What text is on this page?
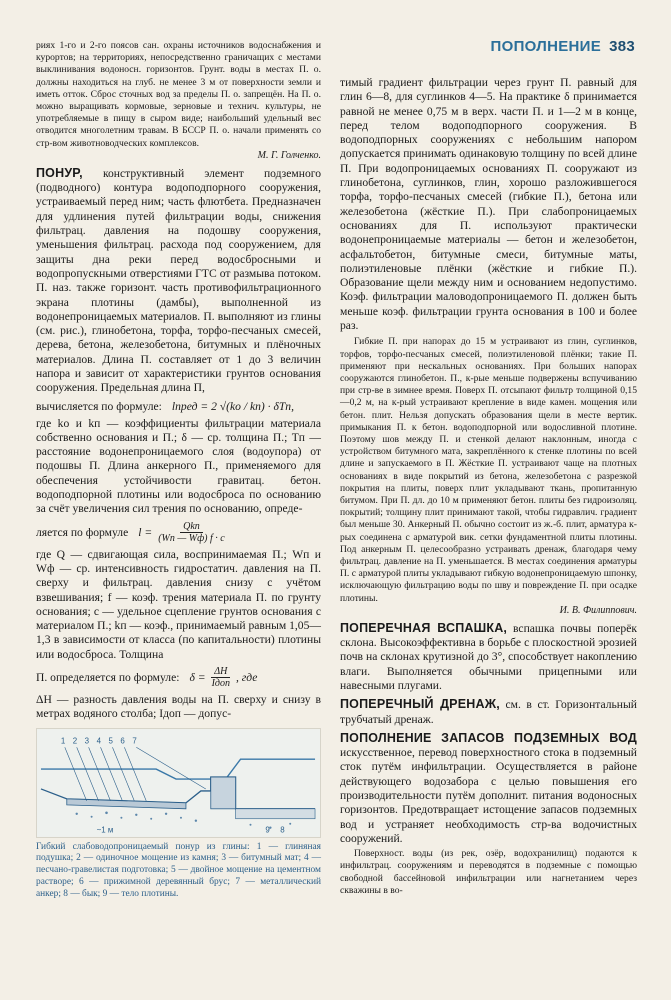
ПОПОЛНЕНИЕ 383

риях 1-го и 2-го поясов сан. охраны источников водоснабжения и курортов; на территориях, непосредственно граничащих с местами выклинивания водоносн. горизонтов. Грунт. воды в местах П. о. должны находиться на глуб. не менее 3 м от поверхности земли и иметь отток. Сброс сточных вод за пределы П. о. запрещён. На П. о. можно выращивать кормовые, зерновые и технич. культуры, не употребляемые в пищу в сыром виде; наибольший удельный вес отводится многолетним травам. В БССР П. о. начали применять со стр-вом животноводческих комплексов.

М. Г. Голченко.

ПОНУР, конструктивный элемент подземного (подводного) контура водоподпорного сооружения, устраиваемый перед ним; часть флютбета. Предназначен для удлинения путей фильтрации воды, снижения фильтрац. давления на подошву сооружения, уменьшения фильтрац. расхода под сооружением, для защиты дна реки перед водосбросными и водопропускными отверстиями ГТС от размыва потоком. П. наз. также горизонт. часть противофильтрационного экрана плотины (дамбы), выполненной из водонепроницаемых материалов. П. выполняют из глины (см. рис.), глинобетона, торфа, торфо-песчаных смесей, дерева, бетона, железобетона, битумных и плёночных материалов. Длина П. составляет от 1 до 3 величин напора и зависит от характеристики грунтов основания сооружения. Предельная длина П,

вычисляется по формуле: lпред = 2 √(kо / kп) · δTп,

где kо и kп — коэффициенты фильтрации материала собственно основания и П.; δ — ср. толщина П.; Tп — расстояние водонепроницаемого слоя (водоупора) от подошвы П. Длина анкерного П., применяемого для обеспечения устойчивости гравитац. бетон. водоподпорной плотины или водосброса по основанию за счёт увеличения сил трения по основанию, опреде-

ляется по формуле $l = \frac{\text{Qkп}}{(Wп — Wф) f \cdot c}$

где Q — сдвигающая сила, воспринимаемая П.; Wп и Wф — ср. интенсивность гидростатич. давления на П. сверху и фильтрац. давления снизу с учётом взвешивания; f — коэф. трения материала П. по грунту основания; c — удельное сцепление грунтов основания с материалом П.; kп — коэф., принимаемый равным 1,05—1,3 в зависимости от класса (по капитальности) плотины или водосброса. Толщина

П. определяется по формуле: $\delta = \frac{\Delta H}{\text{Iдоп}}$ , где

ΔH — разность давления воды на П. сверху и снизу в метрах водяного столба; Iдоп — допус-

1 2 3 4 5 6 7
9 8
~1 м

Гибкий слабоводопроницаемый понур из глины: 1 — глиняная подушка; 2 — одиночное мощение из камня; 3 — битумный мат; 4 — песчано-гравелистая подготовка; 5 — двойное мощение на цементном растворе; 6 — прижимной деревянный брус; 7 — металлический анкер; 8 — бык; 9 — тело плотины.

тимый градиент фильтрации через грунт П. равный для глин 6—8, для суглинков 4—5. На практике δ принимается равной не менее 0,75 м в верх. части П. и 1—2 м в конце, перед телом водоподпорного сооружения. В водоподпорных сооружениях с небольшим напором допускается принимать одинаковую толщину по всей длине П. При водопроницаемых основаниях П. сооружают из глинобетона, суглинков, глин, хорошо разложившегося торфа, торфо-песчаных смесей (гибкие П.), бетона или железобетона (жёсткие П.). При слабопроницаемых основаниях для П. используют практически водонепроницаемые материалы — бетон и железобетон, асфальтобетон, битумные смеси, битумные маты, полиэтиленовые плёнки (жёсткие и гибкие П.). Образование щели между ним и основанием недопустимо. Коэф. фильтрации маловодопроницаемого П. должен быть меньше коэф. фильтрации грунта основания в 100 и более раз.

Гибкие П. при напорах до 15 м устраивают из глин, суглинков, торфов, торфо-песчаных смесей, полиэтиленовой плёнки; такие П. применяют при нескальных основаниях. При больших напорах сооружаются глинобетон. П., к-рые меньше подвержены вспучиванию при стр-ве в зимнее время. Поверх П. отсыпают фильтр толщиной 0,15—0,2 м, на к-рый устраивают крепление в виде камен. мощения или бетон. плит. Нельзя допускать образования щели в месте вертик. примыкания П. к бетон. водоподпорной или водосливной плотине. Поэтому шов между П. и стенкой делают наклонным, иногда с устройством битумного мата, закреплённого к стенке плотины по всей длине и запускаемого в П. Жёсткие П. устраивают чаще на плотных основаниях в виде покрытий из бетона, железобетона с разрезкой покрытия на плиты, поверх плит укладывают ткань, пропитанную битумом. При П. дл. до 10 м применяют бетон. плиты без гидроизоляц. покрытий; толщину плит принимают такой, чтобы гидравлич. градиент был меньше 30. Анкерный П. обычно состоит из ж.-б. плит, арматура к-рых соединена с арматурой вик. сетки фундаментной плиты плотины. Под анкерным П. целесообразно устраивать дренаж, благодаря чему фильтрац. давление на П. уменьшается. В местах соединения арматуры П. с арматурой плиты укладывают гибкую водонепроницаемую шпонку, исключающую фильтрацию воды по шву и повреждение П. при осадке плотины.

И. В. Филиппович.

ПОПЕРЕЧНАЯ ВСПАШКА, вспашка почвы поперёк склона. Высокоэффективна в борьбе с плоскостной эрозией почв на склонах крутизной до 3°, способствует накоплению влаги. Выполняется обычными прицепными или навесными плугами.

ПОПЕРЕЧНЫЙ ДРЕНАЖ, см. в ст. Горизонтальный трубчатый дренаж.

ПОПОЛНЕНИЕ ЗАПАСОВ ПОДЗЕМНЫХ ВОД искусственное, перевод поверхностного стока в подземный сток путём инфильтрации. Осуществляется в районе действующего водозабора с целью повышения его производительности путём дополнит. питания водоносных горизонтов. Предотвращает истощение запасов подземных вод и устраняет необходимость стр-ва водочистных сооружений.

Поверхност. воды (из рек, озёр, водохранилищ) подаются к инфильтрац. сооружениям и переводятся в подземные с помощью свободной бассейновой инфильтрации или нагнетанием через скважины в во-
